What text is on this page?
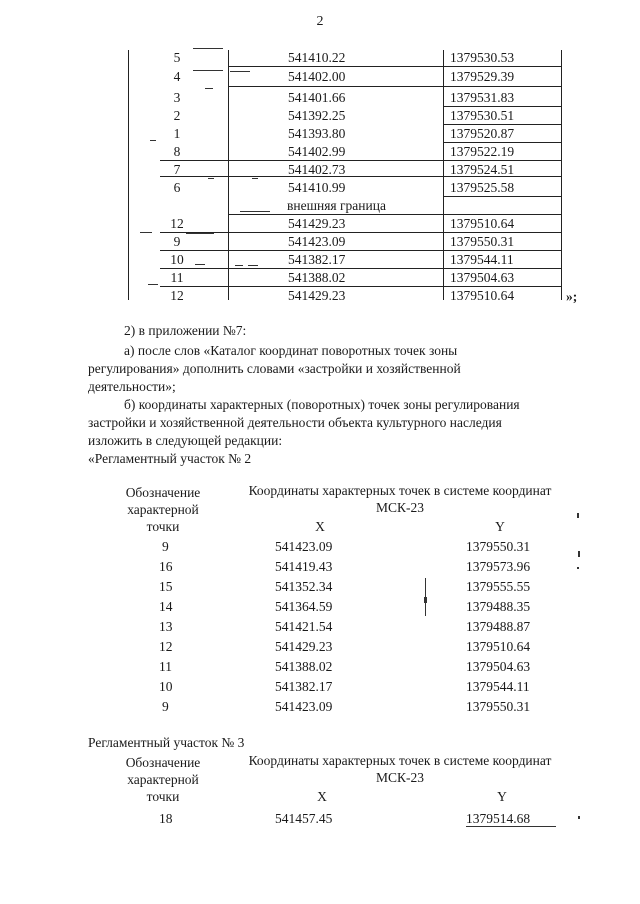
2
5	541410.22	1379530.53
4	541402.00	1379529.39
3	541401.66	1379531.83
2	541392.25	1379530.51
1	541393.80	1379520.87
8	541402.99	1379522.19
7	541402.73	1379524.51
6	541410.99	1379525.58
внешняя граница
12	541429.23	1379510.64
9	541423.09	1379550.31
10	541382.17	1379544.11
11	541388.02	1379504.63
12	541429.23	1379510.64	»;
2) в приложении №7:
а) после слов «Каталог координат поворотных точек зоны
регулирования» дополнить словами «застройки и хозяйственной
деятельности»;
б) координаты характерных (поворотных) точек зоны регулирования
застройки и хозяйственной деятельности объекта культурного наследия
изложить в следующей редакции:
«Регламентный участок № 2
Обозначение
характерной
точки
Координаты характерных точек в системе координат
МСК-23
X	Y
9	541423.09	1379550.31
16	541419.43	1379573.96
15	541352.34	1379555.55
14	541364.59	1379488.35
13	541421.54	1379488.87
12	541429.23	1379510.64
11	541388.02	1379504.63
10	541382.17	1379544.11
9	541423.09	1379550.31
Регламентный участок № 3
Обозначение
характерной
точки
Координаты характерных точек в системе координат
МСК-23
X	Y
18	541457.45	1379514.68
